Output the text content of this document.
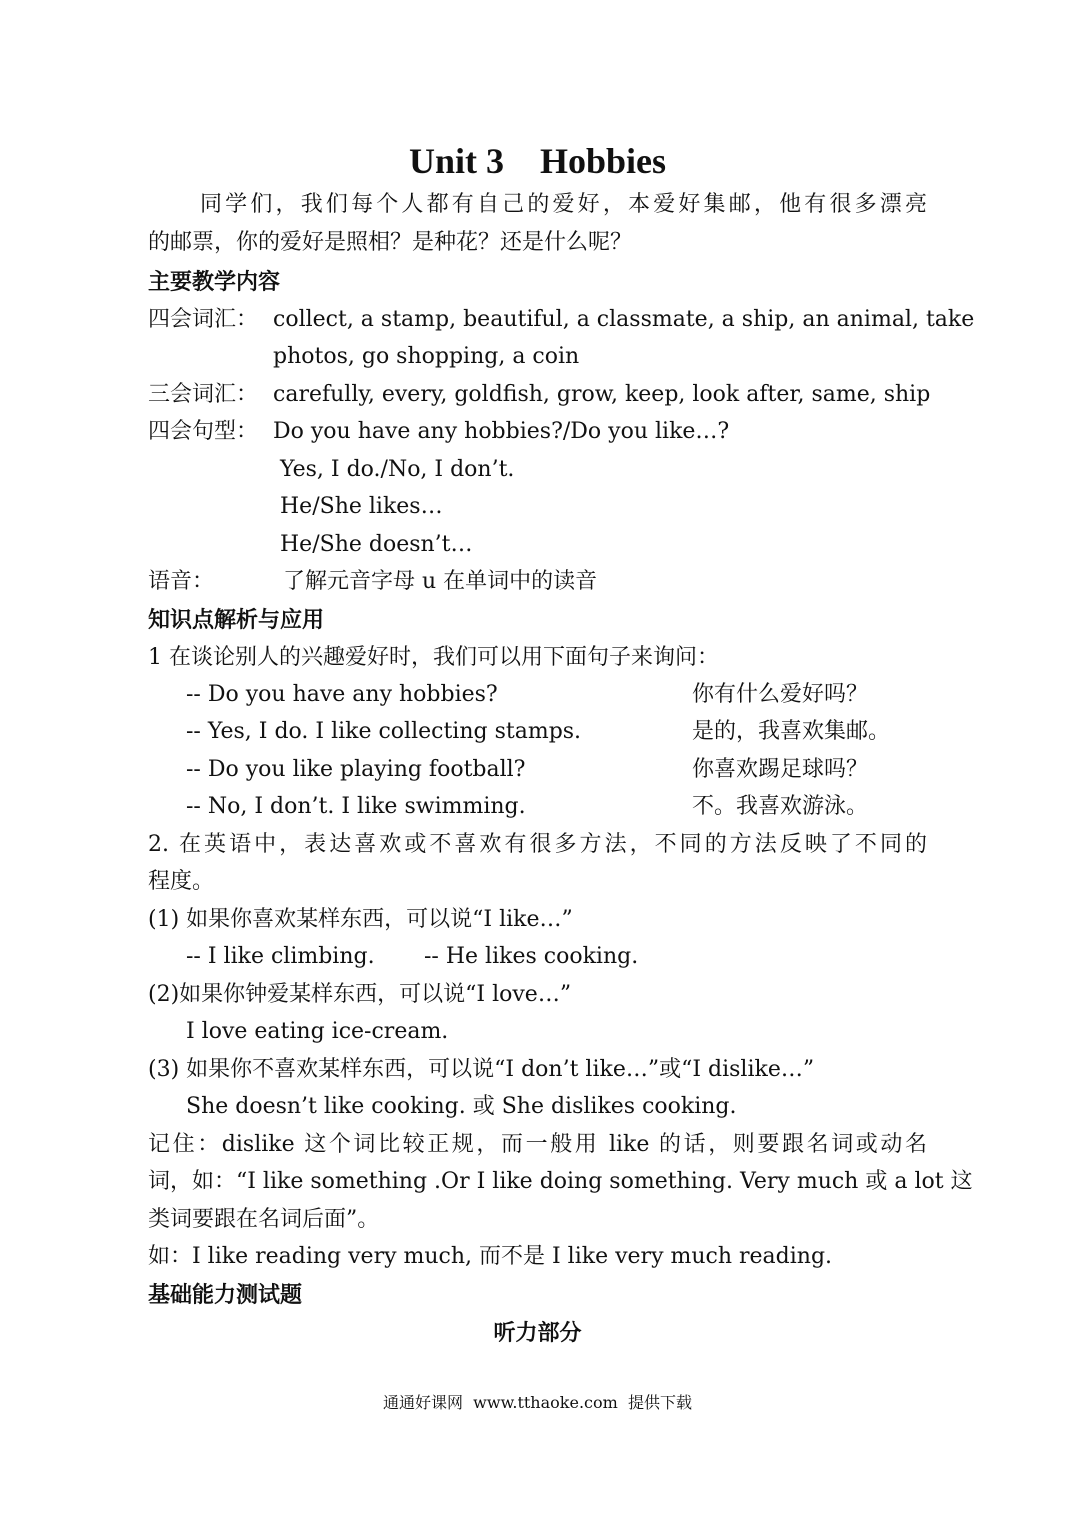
Unit 3    Hobbies
同学们，我们每个人都有自己的爱好，本爱好集邮，他有很多漂亮
的邮票，你的爱好是照相？是种花？还是什么呢？
主要教学内容
四会词汇： collect, a stamp, beautiful, a classmate, a ship, an animal, take
photos, go shopping, a coin
三会词汇： carefully, every, goldfish, grow, keep, look after, same, ship
四会句型： Do you have any hobbies?/Do you like…?
Yes, I do./No, I don’t.
He/She likes…
He/She doesn’t…
语音：	了解元音字母 u 在单词中的读音
知识点解析与应用
1 在谈论别人的兴趣爱好时，我们可以用下面句子来询问：
-- Do you have any hobbies?	你有什么爱好吗？
-- Yes, I do. I like collecting stamps.	是的，我喜欢集邮。
-- Do you like playing football?	你喜欢踢足球吗？
-- No, I don’t. I like swimming.	不。我喜欢游泳。
2. 在英语中，表达喜欢或不喜欢有很多方法，不同的方法反映了不同的
程度。
(1) 如果你喜欢某样东西，可以说“I like…”
-- I like climbing. -- He likes cooking.
(2)如果你钟爱某样东西，可以说“I love…”
I love eating ice-cream.
(3) 如果你不喜欢某样东西，可以说“I don’t like…”或“I dislike…”
She doesn’t like cooking. 或 She dislikes cooking.
记住：dislike 这个词比较正规，而一般用 like 的话，则要跟名词或动名
词，如：“I like something .Or I like doing something. Very much 或 a lot 这
类词要跟在名词后面”。
如：I like reading very much, 而不是 I like very much reading.
基础能力测试题
听力部分
通通好课网  www.tthaoke.com  提供下载
